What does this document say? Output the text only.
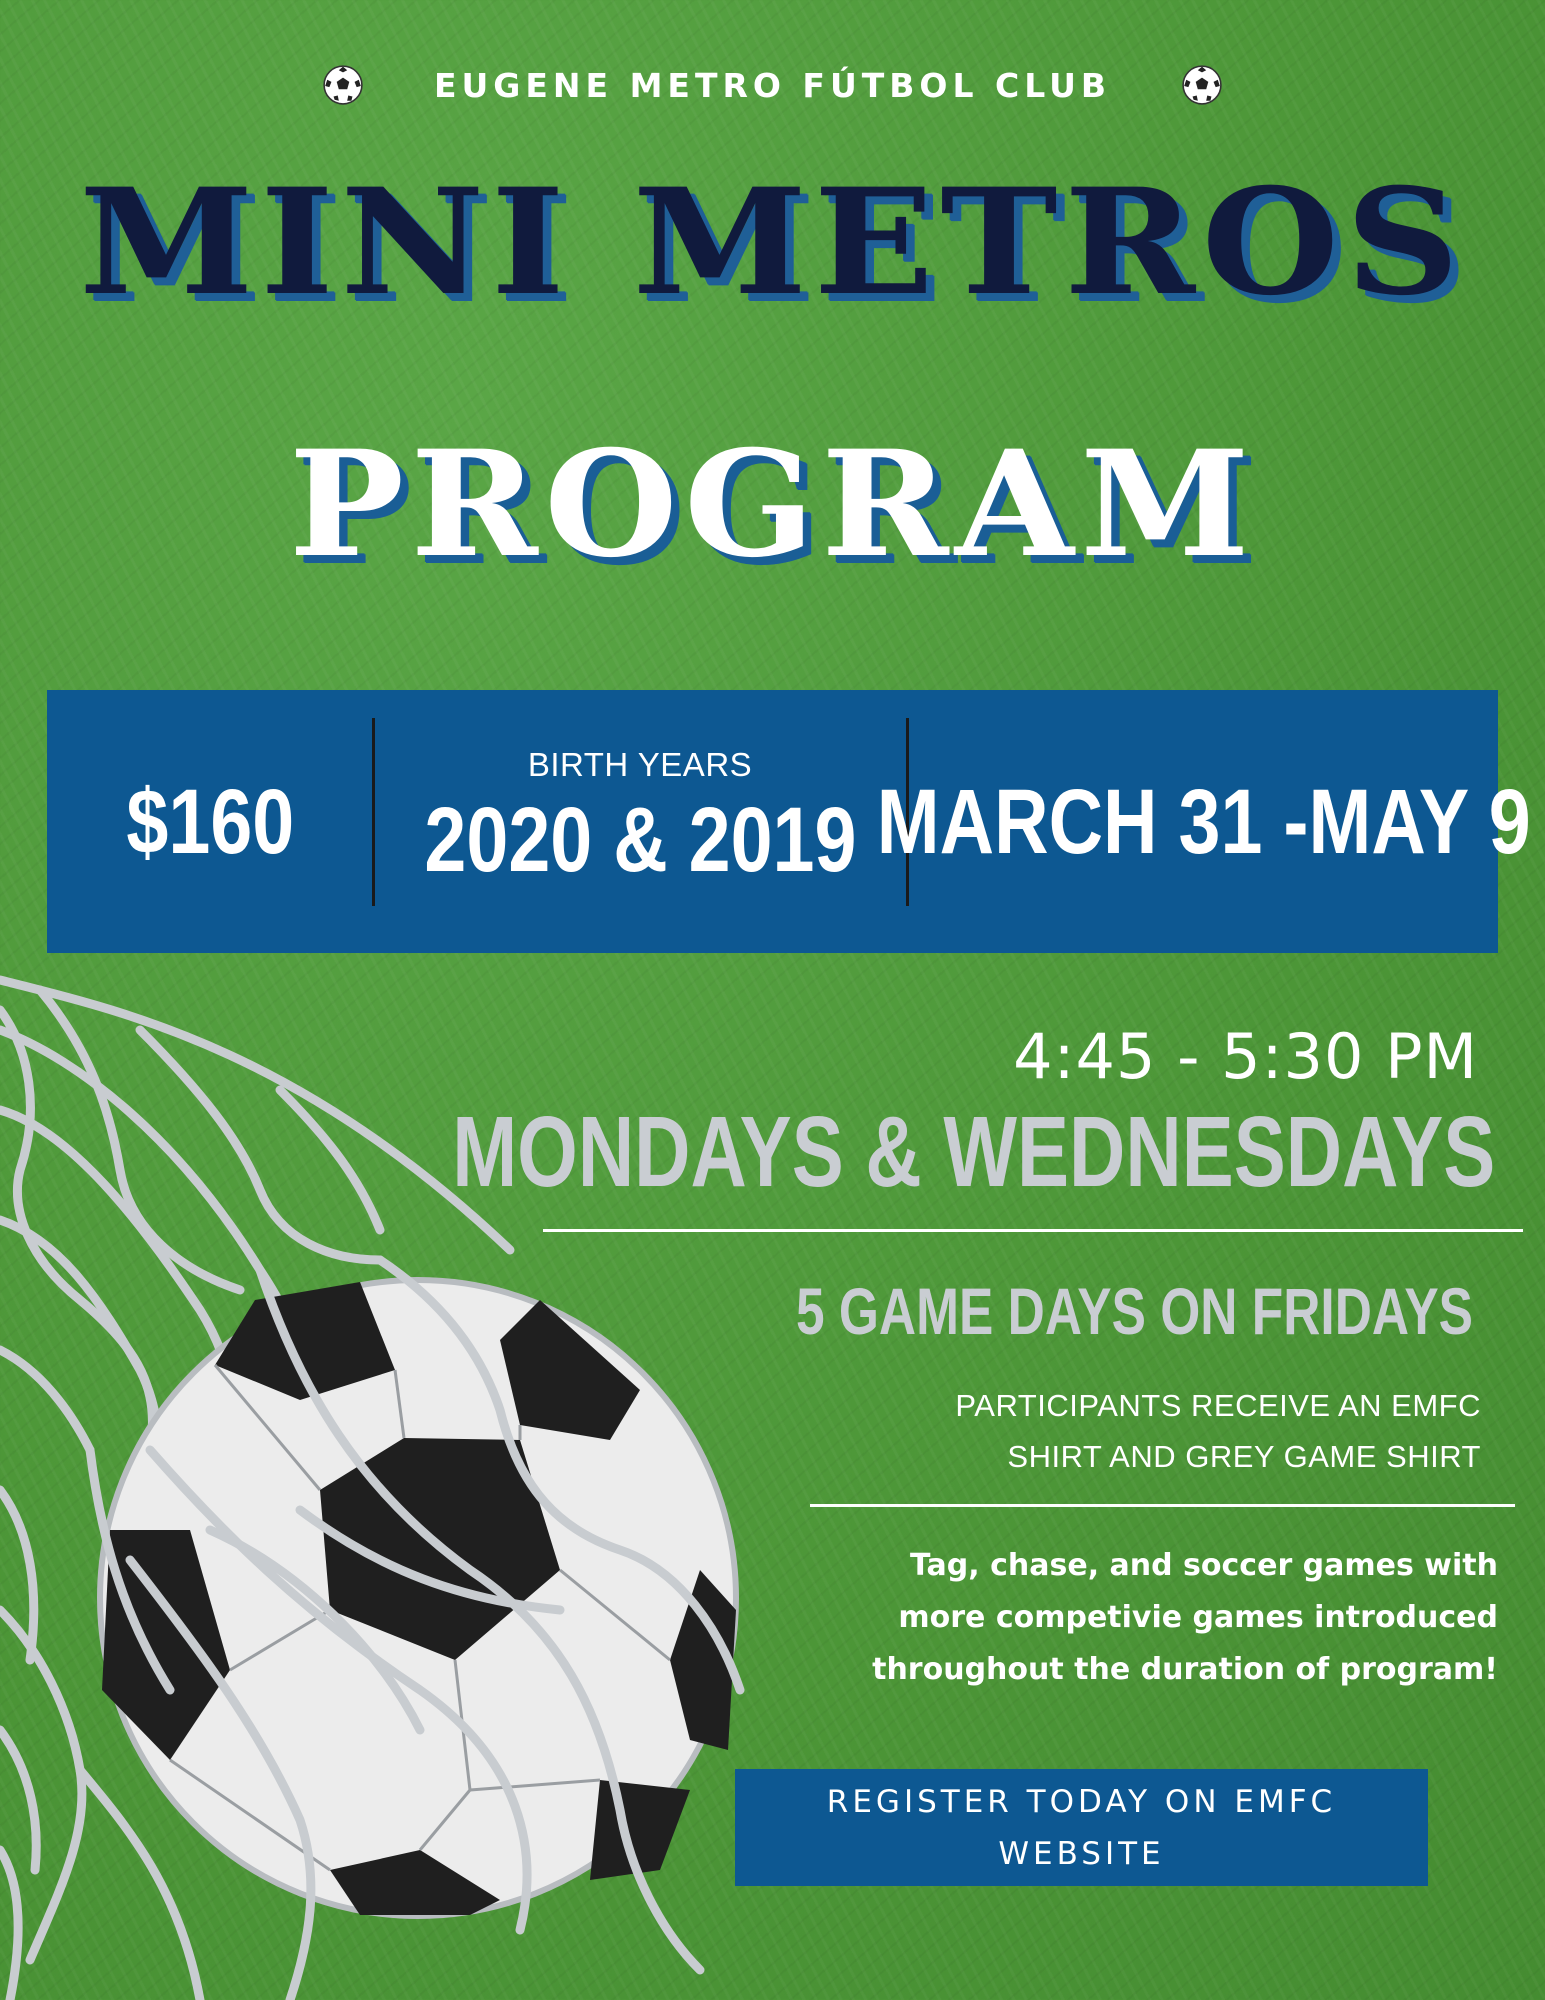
EUGENE METRO FÚTBOL CLUB
MINI METROS
PROGRAM
$160
BIRTH YEARS
2020 & 2019 MARCH 31 -MAY 9
4:45 - 5:30 PM
MONDAYS & WEDNESDAYS
5 GAME DAYS ON FRIDAYS
PARTICIPANTS RECEIVE AN EMFC
SHIRT AND GREY GAME SHIRT
Tag, chase, and soccer games with
more competivie games introduced
throughout the duration of program!
REGISTER TODAY ON EMFC WEBSITE
